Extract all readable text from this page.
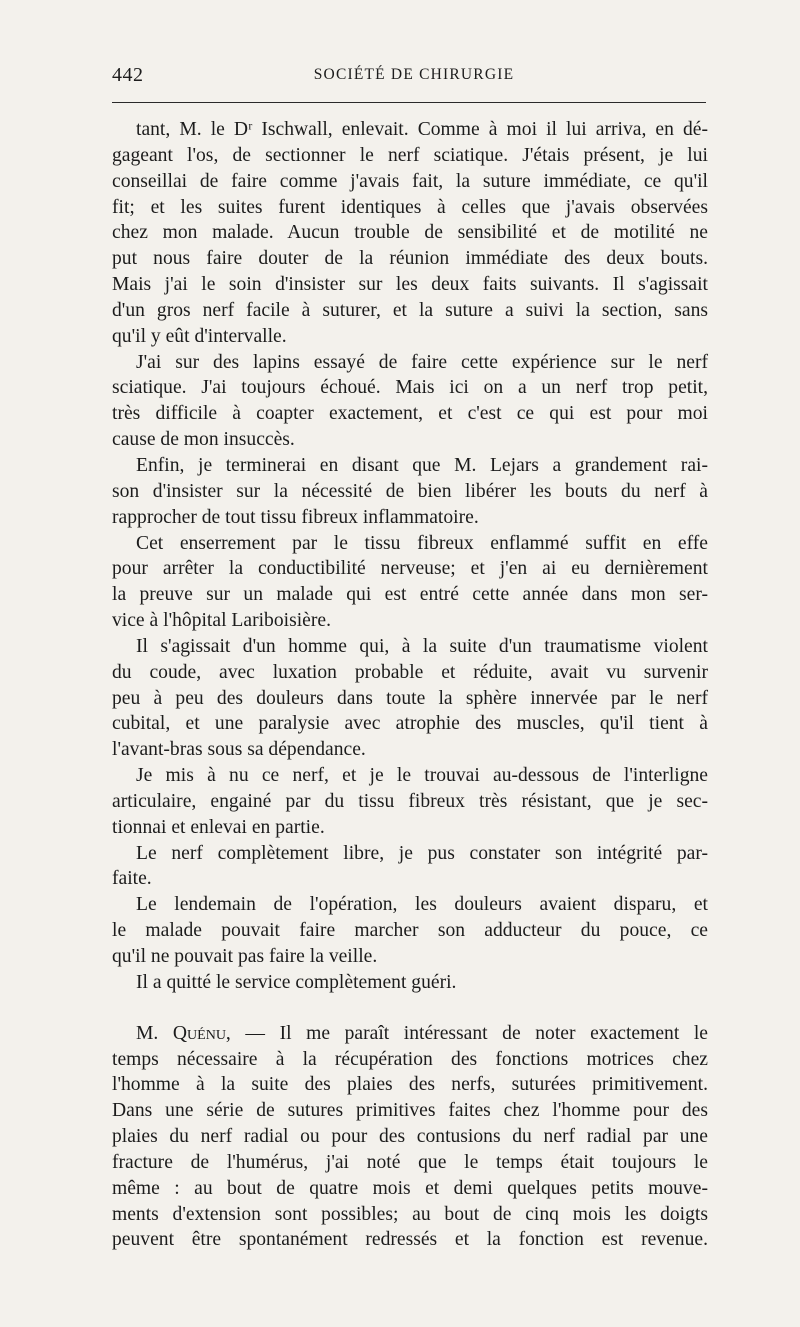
442	SOCIÉTÉ DE CHIRURGIE
tant, M. le Dʳ Ischwall, enlevait. Comme à moi il lui arriva, en dé-
gageant l'os, de sectionner le nerf sciatique. J'étais présent, je lui
conseillai de faire comme j'avais fait, la suture immédiate, ce qu'il
fit; et les suites furent identiques à celles que j'avais observées
chez mon malade. Aucun trouble de sensibilité et de motilité ne
put nous faire douter de la réunion immédiate des deux bouts.
Mais j'ai le soin d'insister sur les deux faits suivants. Il s'agissait
d'un gros nerf facile à suturer, et la suture a suivi la section, sans
qu'il y eût d'intervalle.
J'ai sur des lapins essayé de faire cette expérience sur le nerf
sciatique. J'ai toujours échoué. Mais ici on a un nerf trop petit,
très difficile à coapter exactement, et c'est ce qui est pour moi
cause de mon insuccès.
Enfin, je terminerai en disant que M. Lejars a grandement rai-
son d'insister sur la nécessité de bien libérer les bouts du nerf à
rapprocher de tout tissu fibreux inflammatoire.
Cet enserrement par le tissu fibreux enflammé suffit en effe
pour arrêter la conductibilité nerveuse; et j'en ai eu dernièrement
la preuve sur un malade qui est entré cette année dans mon ser-
vice à l'hôpital Lariboisière.
Il s'agissait d'un homme qui, à la suite d'un traumatisme violent
du coude, avec luxation probable et réduite, avait vu survenir
peu à peu des douleurs dans toute la sphère innervée par le nerf
cubital, et une paralysie avec atrophie des muscles, qu'il tient à
l'avant-bras sous sa dépendance.
Je mis à nu ce nerf, et je le trouvai au-dessous de l'interligne
articulaire, engainé par du tissu fibreux très résistant, que je sec-
tionnai et enlevai en partie.
Le nerf complètement libre, je pus constater son intégrité par-
faite.
Le lendemain de l'opération, les douleurs avaient disparu, et
le malade pouvait faire marcher son adducteur du pouce, ce
qu'il ne pouvait pas faire la veille.
Il a quitté le service complètement guéri.
M. Quénu, — Il me paraît intéressant de noter exactement le
temps nécessaire à la récupération des fonctions motrices chez
l'homme à la suite des plaies des nerfs, suturées primitivement.
Dans une série de sutures primitives faites chez l'homme pour des
plaies du nerf radial ou pour des contusions du nerf radial par une
fracture de l'humérus, j'ai noté que le temps était toujours le
même : au bout de quatre mois et demi quelques petits mouve-
ments d'extension sont possibles; au bout de cinq mois les doigts
peuvent être spontanément redressés et la fonction est revenue.
